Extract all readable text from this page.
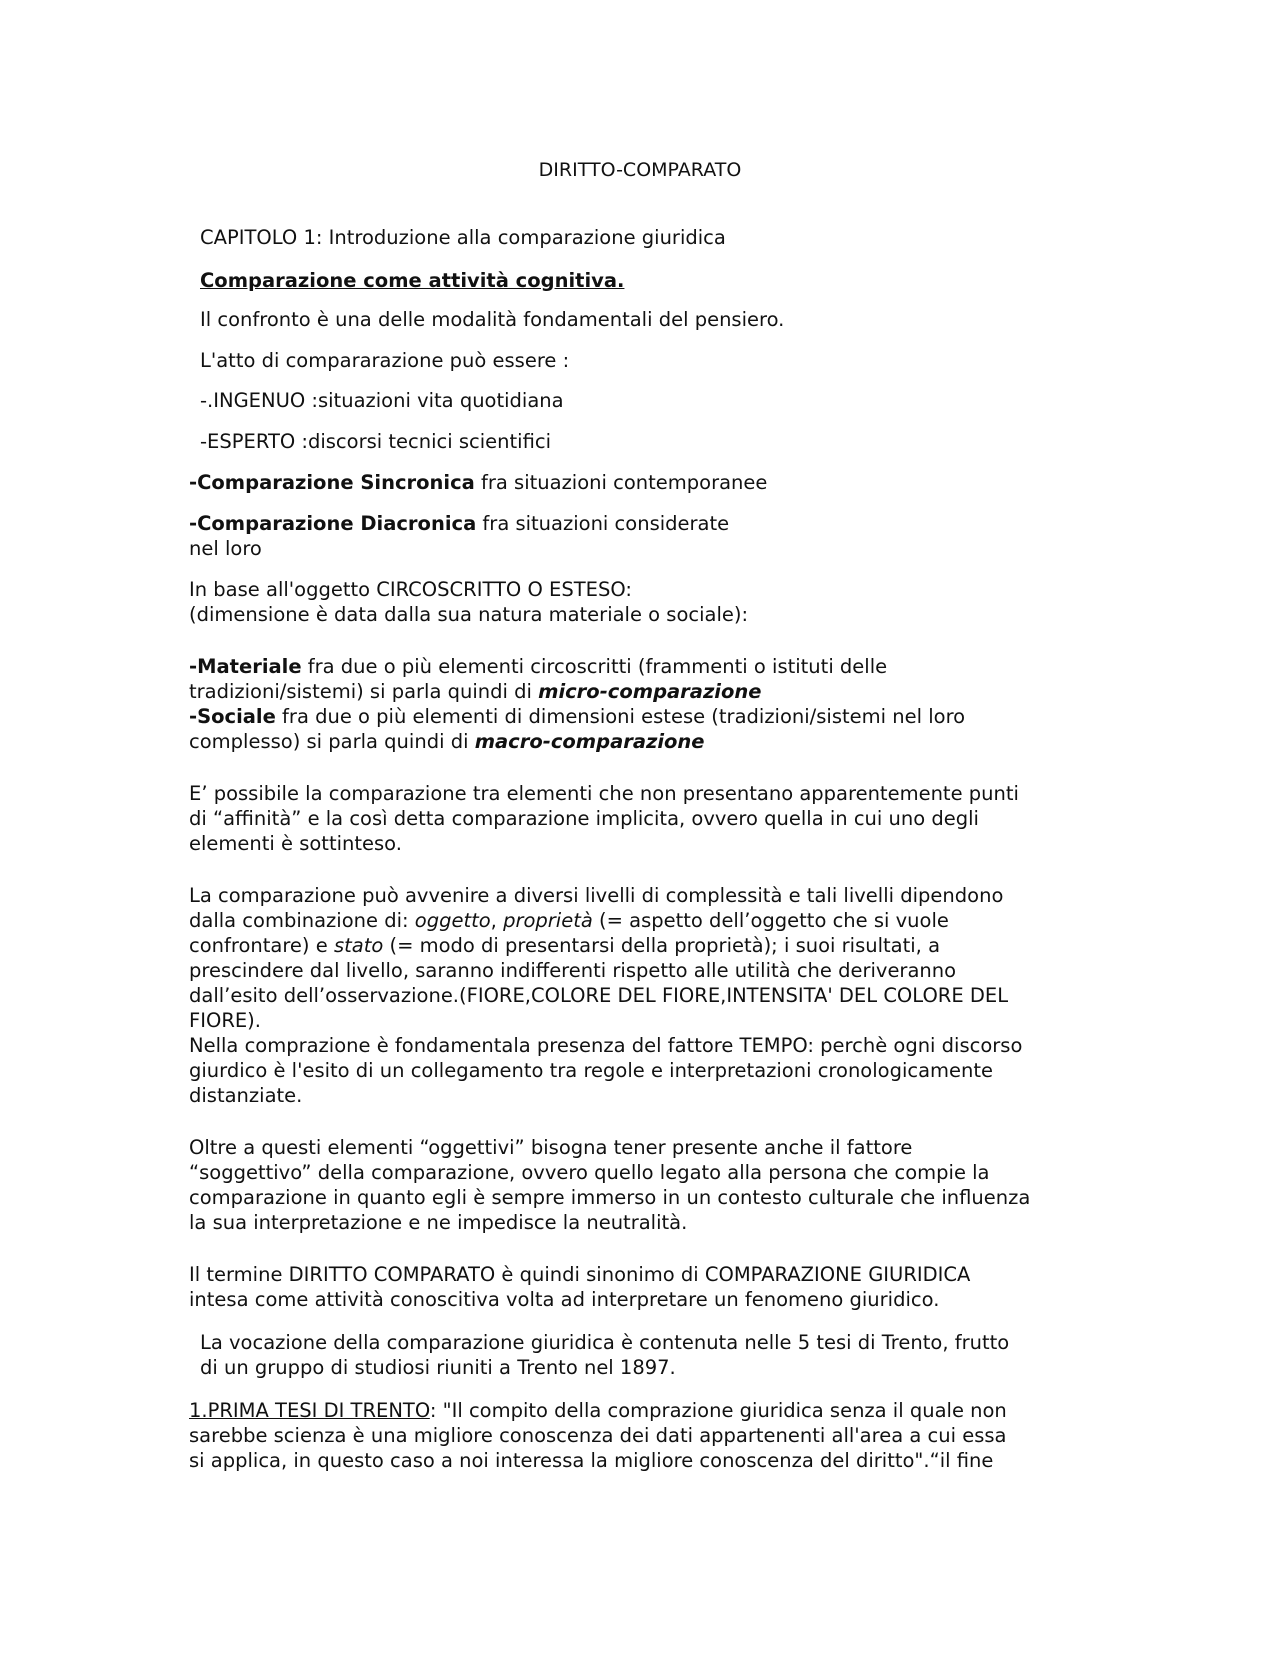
DIRITTO-COMPARATO
CAPITOLO 1: Introduzione alla comparazione giuridica
Comparazione come attività cognitiva.
Il confronto è una delle modalità fondamentali del pensiero.
L'atto di compararazione può essere :
-.INGENUO :situazioni vita quotidiana
-ESPERTO :discorsi tecnici scientifici
-Comparazione Sincronica fra situazioni contemporanee
-Comparazione Diacronica fra situazioni considerate
nel loro
In base all'oggetto CIRCOSCRITTO O ESTESO:
(dimensione è data dalla sua natura materiale o sociale):
-Materiale fra due o più elementi circoscritti (frammenti o istituti delle
tradizioni/sistemi) si parla quindi di micro-comparazione
-Sociale fra due o più elementi di dimensioni estese (tradizioni/sistemi nel loro
complesso) si parla quindi di macro-comparazione
E’ possibile la comparazione tra elementi che non presentano apparentemente punti
di “affinità” e la così detta comparazione implicita, ovvero quella in cui uno degli
elementi è sottinteso.
La comparazione può avvenire a diversi livelli di complessità e tali livelli dipendono
dalla combinazione di: oggetto, proprietà (= aspetto dell’oggetto che si vuole
confrontare) e stato (= modo di presentarsi della proprietà); i suoi risultati, a
prescindere dal livello, saranno indifferenti rispetto alle utilità che deriveranno
dall’esito dell’osservazione.(FIORE,COLORE DEL FIORE,INTENSITA' DEL COLORE DEL
FIORE).
Nella comprazione è fondamentala presenza del fattore TEMPO: perchè ogni discorso
giurdico è l'esito di un collegamento tra regole e interpretazioni cronologicamente
distanziate.
Oltre a questi elementi “oggettivi” bisogna tener presente anche il fattore
“soggettivo” della comparazione, ovvero quello legato alla persona che compie la
comparazione in quanto egli è sempre immerso in un contesto culturale che influenza
la sua interpretazione e ne impedisce la neutralità.
Il termine DIRITTO COMPARATO è quindi sinonimo di COMPARAZIONE GIURIDICA
intesa come attività conoscitiva volta ad interpretare un fenomeno giuridico.
La vocazione della comparazione giuridica è contenuta nelle 5 tesi di Trento, frutto
di un gruppo di studiosi riuniti a Trento nel 1897.
1.PRIMA TESI DI TRENTO: "Il compito della comprazione giuridica senza il quale non
sarebbe scienza è una migliore conoscenza dei dati appartenenti all'area a cui essa
si applica, in questo caso a noi interessa la migliore conoscenza del diritto".“il fine
